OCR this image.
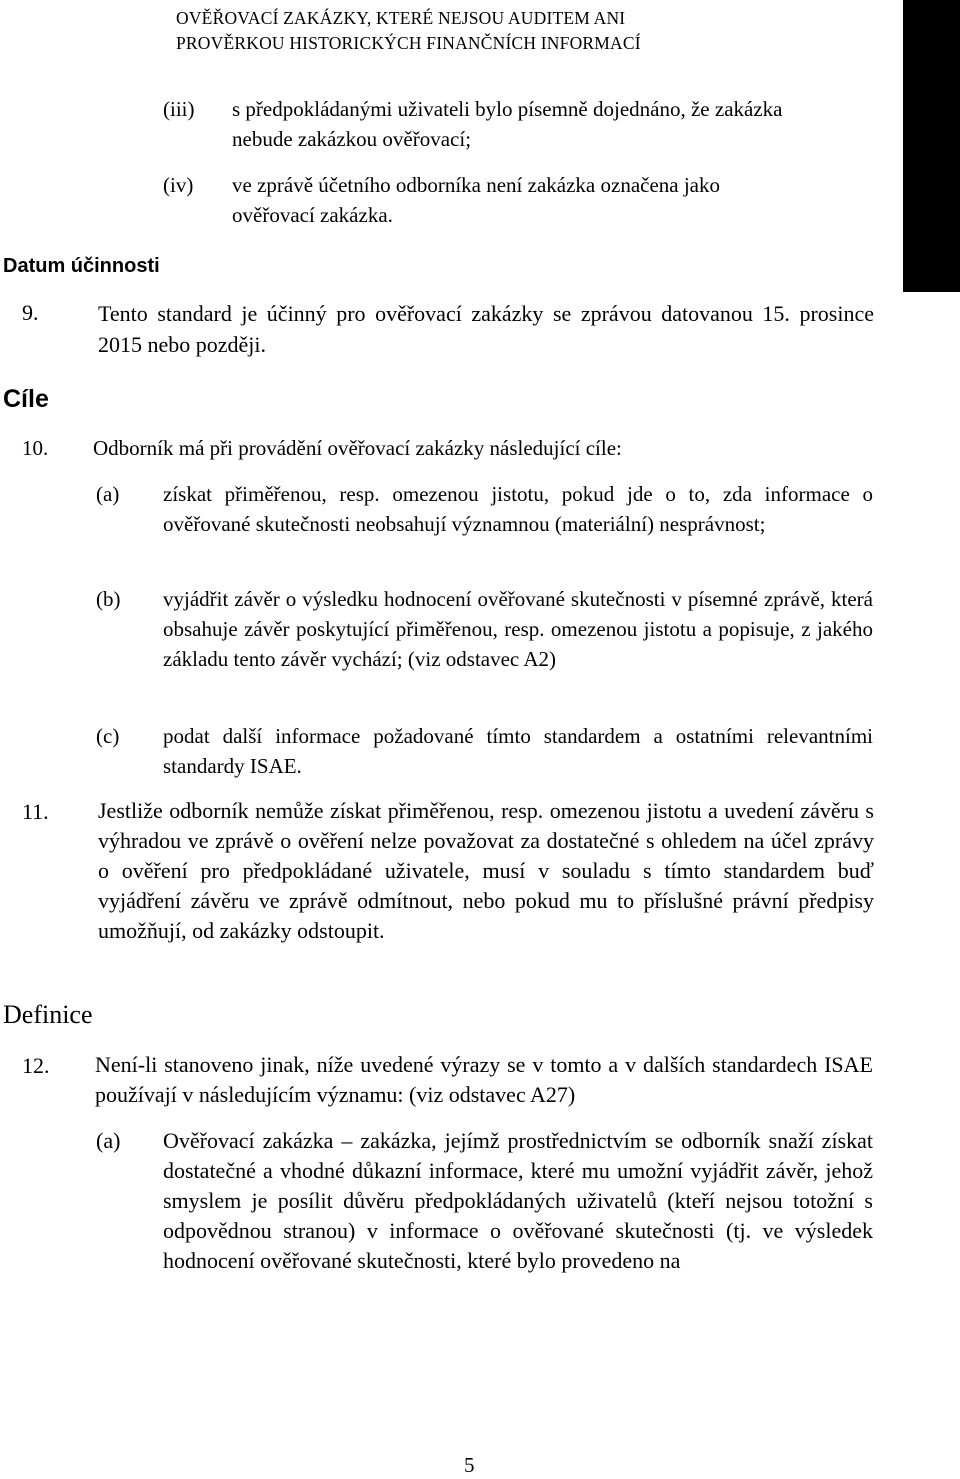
OVĚŘOVACÍ ZAKÁZKY, KTERÉ NEJSOU AUDITEM ANI
PROVĚRKOU HISTORICKÝCH FINANČNÍCH INFORMACÍ
(iii) s předpokládanými uživateli bylo písemně dojednáno, že zakázka nebude zakázkou ověřovací;
(iv) ve zprávě účetního odborníka není zakázka označena jako ověřovací zakázka.
Datum účinnosti
9.	Tento standard je účinný pro ověřovací zakázky se zprávou datovanou 15. prosince 2015 nebo později.
Cíle
10. Odborník má při provádění ověřovací zakázky následující cíle:
(a) získat přiměřenou, resp. omezenou jistotu, pokud jde o to, zda informace o ověřované skutečnosti neobsahují významnou (materiální) nesprávnost;
(b) vyjádřit závěr o výsledku hodnocení ověřované skutečnosti v písemné zprávě, která obsahuje závěr poskytující přiměřenou, resp. omezenou jistotu a popisuje, z jakého základu tento závěr vychází; (viz odstavec A2)
(c) podat další informace požadované tímto standardem a ostatními relevantními standardy ISAE.
11. Jestliže odborník nemůže získat přiměřenou, resp. omezenou jistotu a uvedení závěru s výhradou ve zprávě o ověření nelze považovat za dostatečné s ohledem na účel zprávy o ověření pro předpokládané uživatele, musí v souladu s tímto standardem buď vyjádření závěru ve zprávě odmítnout, nebo pokud mu to příslušné právní předpisy umožňují, od zakázky odstoupit.
Definice
12. Není-li stanoveno jinak, níže uvedené výrazy se v tomto a v dalších standardech ISAE používají v následujícím významu: (viz odstavec A27)
(a) Ověřovací zakázka – zakázka, jejímž prostřednictvím se odborník snaží získat dostatečné a vhodné důkazní informace, které mu umožní vyjádřit závěr, jehož smyslem je posílit důvěru předpokládaných uživatelů (kteří nejsou totožní s odpovědnou stranou) v informace o ověřované skutečnosti (tj. ve výsledek hodnocení ověřované skutečnosti, které bylo provedeno na
5
